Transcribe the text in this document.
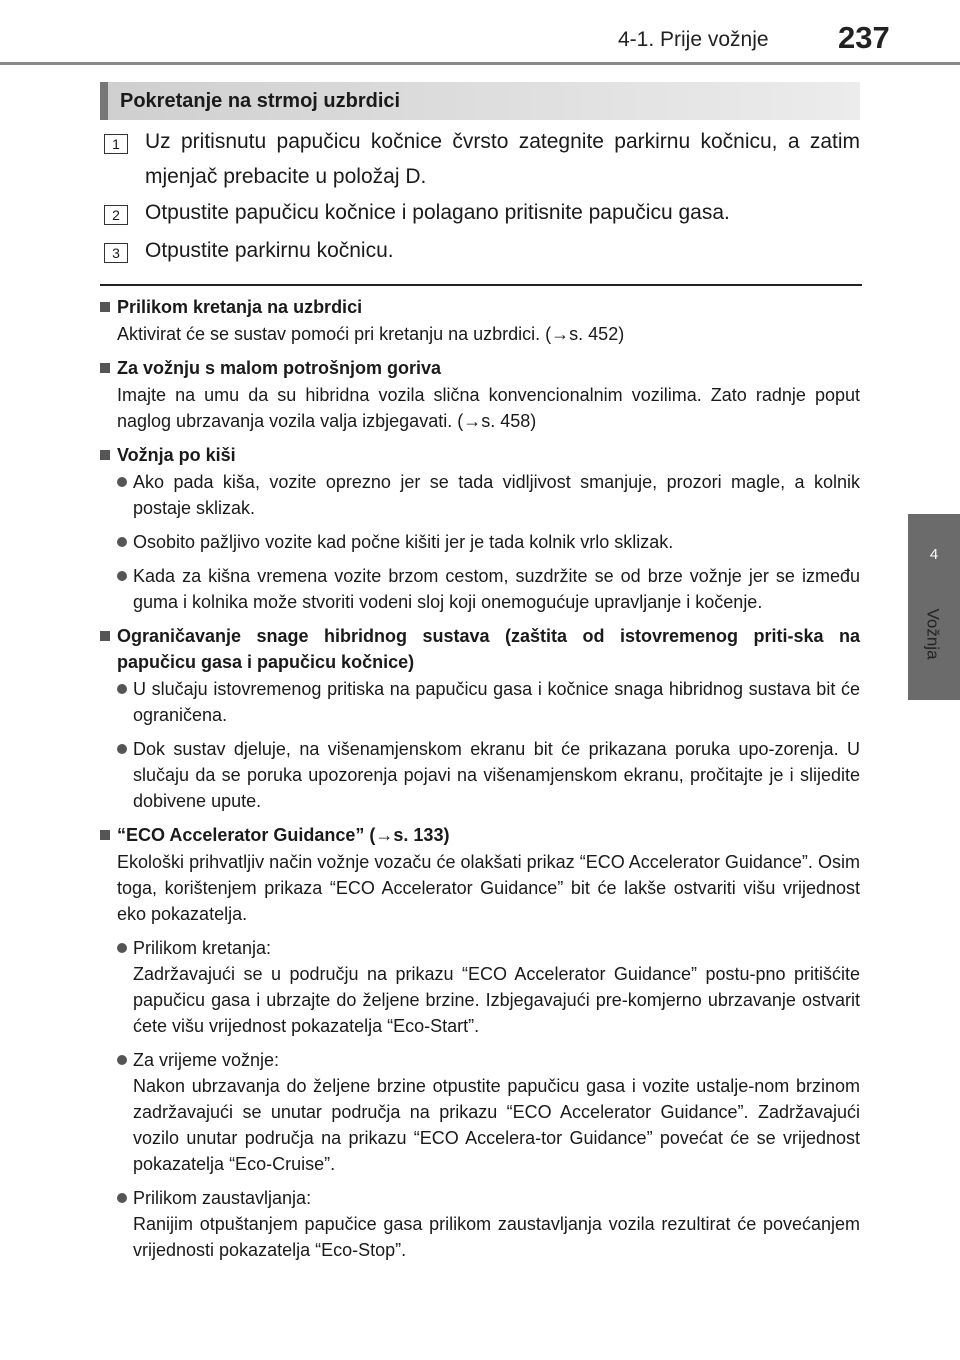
4-1. Prije vožnje 237
4
Vožnja
Pokretanje na strmoj uzbrdici
1	Uz pritisnutu papučicu kočnice čvrsto zategnite parkirnu kočnicu, a zatim mjenjač prebacite u položaj D.
2	Otpustite papučicu kočnice i polagano pritisnite papučicu gasa.
3	Otpustite parkirnu kočnicu.
Prilikom kretanja na uzbrdici
Aktivirat će se sustav pomoći pri kretanju na uzbrdici. (→s. 452)
Za vožnju s malom potrošnjom goriva
Imajte na umu da su hibridna vozila slična konvencionalnim vozilima. Zato radnje poput naglog ubrzavanja vozila valja izbjegavati. (→s. 458)
Vožnja po kiši
Ako pada kiša, vozite oprezno jer se tada vidljivost smanjuje, prozori magle, a kolnik postaje sklizak.
Osobito pažljivo vozite kad počne kišiti jer je tada kolnik vrlo sklizak.
Kada za kišna vremena vozite brzom cestom, suzdržite se od brze vožnje jer se između guma i kolnika može stvoriti vodeni sloj koji onemogućuje upravljanje i kočenje.
Ograničavanje snage hibridnog sustava (zaštita od istovremenog priti-ska na papučicu gasa i papučicu kočnice)
U slučaju istovremenog pritiska na papučicu gasa i kočnice snaga hibridnog sustava bit će ograničena.
Dok sustav djeluje, na višenamjenskom ekranu bit će prikazana poruka upo-zorenja. U slučaju da se poruka upozorenja pojavi na višenamjenskom ekranu, pročitajte je i slijedite dobivene upute.
“ECO Accelerator Guidance” (→s. 133)
Ekološki prihvatljiv način vožnje vozaču će olakšati prikaz “ECO Accelerator Guidance”. Osim toga, korištenjem prikaza “ECO Accelerator Guidance” bit će lakše ostvariti višu vrijednost eko pokazatelja.
Prilikom kretanja:
Zadržavajući se u području na prikazu “ECO Accelerator Guidance” postu-pno pritišćite papučicu gasa i ubrzajte do željene brzine. Izbjegavajući pre-komjerno ubrzavanje ostvarit ćete višu vrijednost pokazatelja “Eco-Start”.
Za vrijeme vožnje:
Nakon ubrzavanja do željene brzine otpustite papučicu gasa i vozite ustalje-nom brzinom zadržavajući se unutar područja na prikazu “ECO Accelerator Guidance”. Zadržavajući vozilo unutar područja na prikazu “ECO Accelera-tor Guidance” povećat će se vrijednost pokazatelja “Eco-Cruise”.
Prilikom zaustavljanja:
Ranijim otpuštanjem papučice gasa prilikom zaustavljanja vozila rezultirat će povećanjem vrijednosti pokazatelja “Eco-Stop”.
